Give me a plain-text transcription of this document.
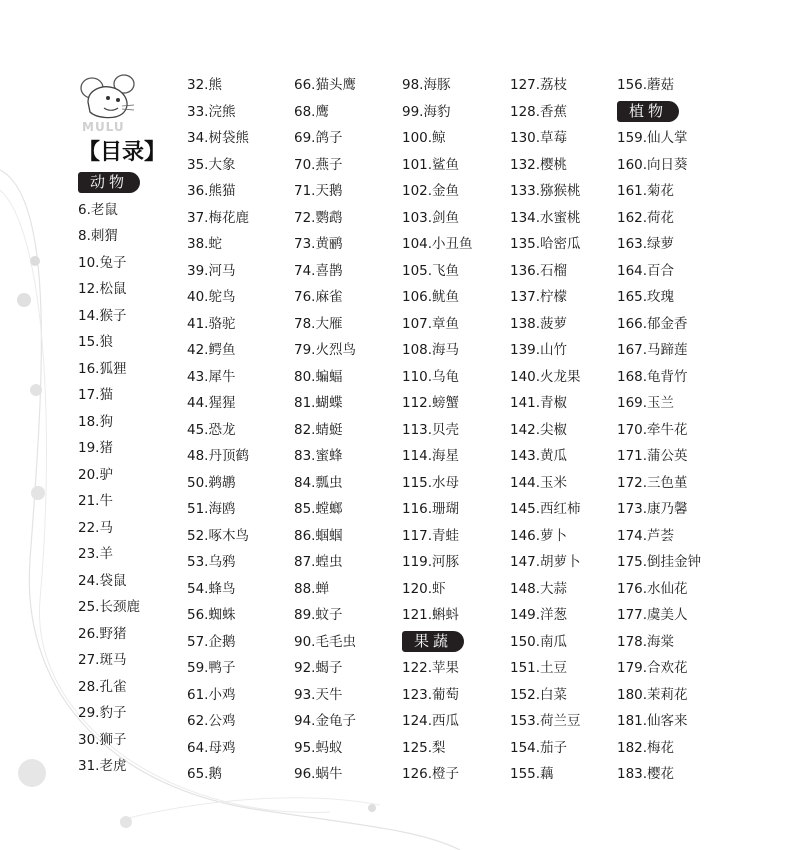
MULU
【目录】
动物
6.老鼠
8.刺猬
10.兔子
12.松鼠
14.猴子
15.狼
16.狐狸
17.猫
18.狗
19.猪
20.驴
21.牛
22.马
23.羊
24.袋鼠
25.长颈鹿
26.野猪
27.斑马
28.孔雀
29.豹子
30.狮子
31.老虎
32.熊
33.浣熊
34.树袋熊
35.大象
36.熊猫
37.梅花鹿
38.蛇
39.河马
40.鸵鸟
41.骆驼
42.鳄鱼
43.犀牛
44.猩猩
45.恐龙
48.丹顶鹤
50.鹈鹕
51.海鸥
52.啄木鸟
53.乌鸦
54.蜂鸟
56.蜘蛛
57.企鹅
59.鸭子
61.小鸡
62.公鸡
64.母鸡
65.鹅
66.猫头鹰
68.鹰
69.鸽子
70.燕子
71.天鹅
72.鹦鹉
73.黄鹂
74.喜鹊
76.麻雀
78.大雁
79.火烈鸟
80.蝙蝠
81.蝴蝶
82.蜻蜓
83.蜜蜂
84.瓢虫
85.螳螂
86.蝈蝈
87.蝗虫
88.蝉
89.蚊子
90.毛毛虫
92.蝎子
93.天牛
94.金龟子
95.蚂蚁
96.蜗牛
98.海豚
99.海豹
100.鲸
101.鲨鱼
102.金鱼
103.剑鱼
104.小丑鱼
105.飞鱼
106.鱿鱼
107.章鱼
108.海马
110.乌龟
112.螃蟹
113.贝壳
114.海星
115.水母
116.珊瑚
117.青蛙
119.河豚
120.虾
121.蝌蚪
果蔬
122.苹果
123.葡萄
124.西瓜
125.梨
126.橙子
127.荔枝
128.香蕉
130.草莓
132.樱桃
133.猕猴桃
134.水蜜桃
135.哈密瓜
136.石榴
137.柠檬
138.菠萝
139.山竹
140.火龙果
141.青椒
142.尖椒
143.黄瓜
144.玉米
145.西红柿
146.萝卜
147.胡萝卜
148.大蒜
149.洋葱
150.南瓜
151.土豆
152.白菜
153.荷兰豆
154.茄子
155.藕
156.蘑菇
植物
159.仙人掌
160.向日葵
161.菊花
162.荷花
163.绿萝
164.百合
165.玫瑰
166.郁金香
167.马蹄莲
168.龟背竹
169.玉兰
170.牵牛花
171.蒲公英
172.三色堇
173.康乃馨
174.芦荟
175.倒挂金钟
176.水仙花
177.虞美人
178.海棠
179.合欢花
180.茉莉花
181.仙客来
182.梅花
183.樱花
